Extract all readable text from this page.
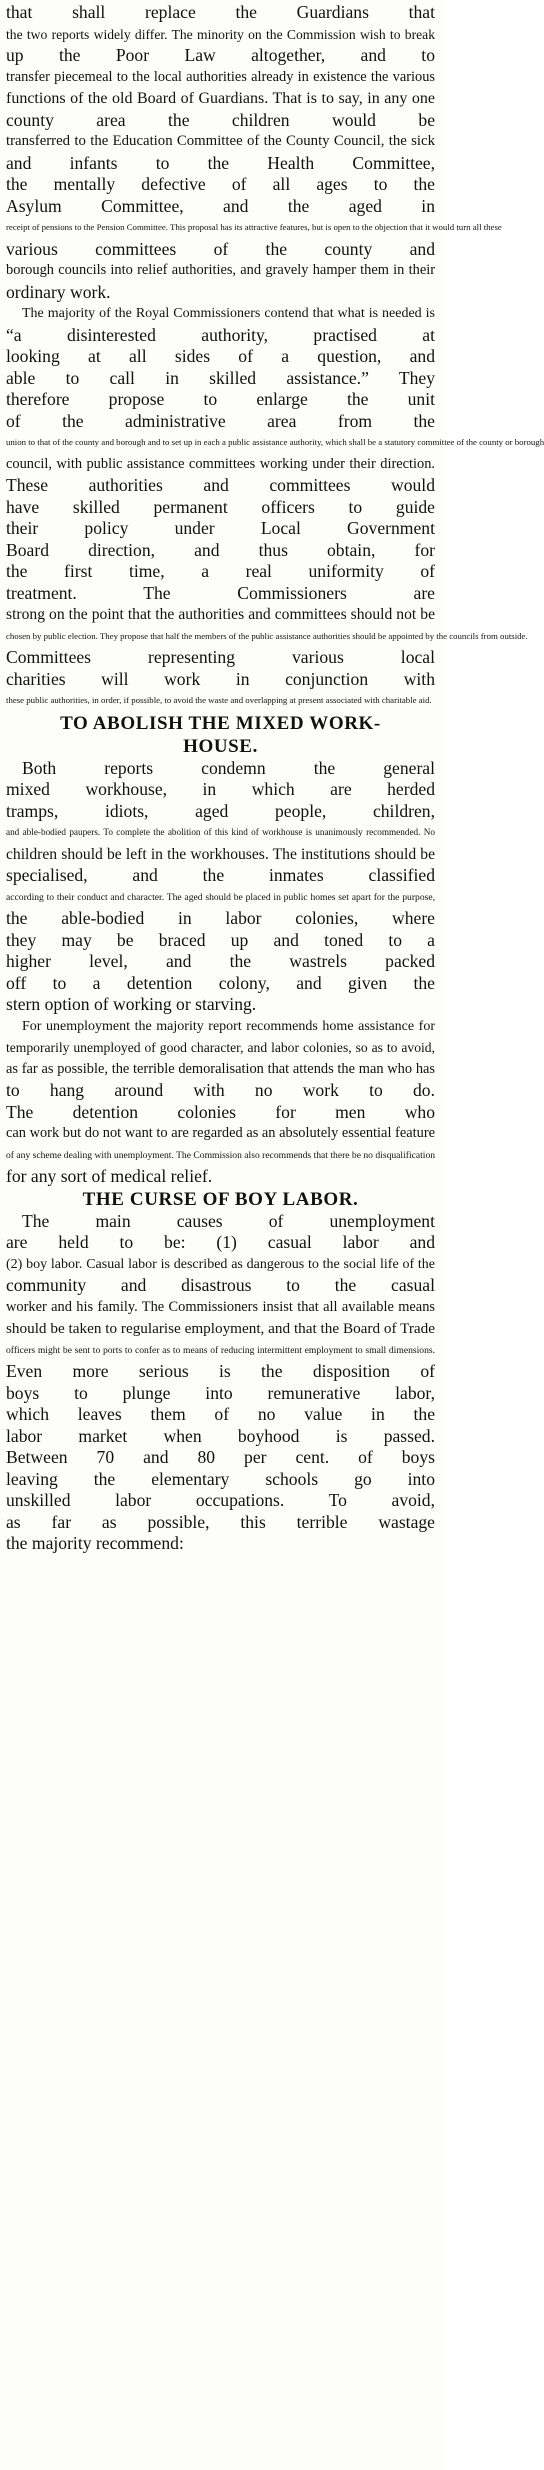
that shall replace the Guardians that
the two reports widely differ. The minority on the Commission wish to break
up the Poor Law altogether, and to
transfer piecemeal to the local authorities already in existence the various
functions of the old Board of Guardians. That is to say, in any one
county area the children would be
transferred to the Education Committee of the County Council, the sick
and infants to the Health Committee,
the mentally defective of all ages to the
Asylum Committee, and the aged in
receipt of pensions to the Pension Committee. This proposal has its attractive features, but is open to the objection that it would turn all these
various committees of the county and
borough councils into relief authorities, and gravely hamper them in their
ordinary work.
The majority of the Royal Commissioners contend that what is needed is
“a disinterested authority, practised at
looking at all sides of a question, and
able to call in skilled assistance.” They
therefore propose to enlarge the unit
of the administrative area from the
union to that of the county and borough and to set up in each a public assistance authority, which shall be a statutory committee of the county or borough
council, with public assistance committees working under their direction.
These authorities and committees would
have skilled permanent officers to guide
their policy under Local Government
Board direction, and thus obtain, for
the first time, a real uniformity of
treatment. The Commissioners are
strong on the point that the authorities and committees should not be
chosen by public election. They propose that half the members of the public assistance authorities should be appointed by the councils from outside.
Committees representing various local
charities will work in conjunction with
these public authorities, in order, if possible, to avoid the waste and overlapping at present associated with charitable aid.
TO ABOLISH THE MIXED WORK-
HOUSE.
Both reports condemn the general
mixed workhouse, in which are herded
tramps, idiots, aged people, children,
and able-bodied paupers. To complete the abolition of this kind of workhouse is unanimously recommended. No
children should be left in the workhouses. The institutions should be
specialised, and the inmates classified
according to their conduct and character. The aged should be placed in public homes set apart for the purpose,
the able-bodied in labor colonies, where
they may be braced up and toned to a
higher level, and the wastrels packed
off to a detention colony, and given the
stern option of working or starving.
For unemployment the majority report recommends home assistance for
temporarily unemployed of good character, and labor colonies, so as to avoid,
as far as possible, the terrible demoralisation that attends the man who has
to hang around with no work to do.
The detention colonies for men who
can work but do not want to are regarded as an absolutely essential feature
of any scheme dealing with unemployment. The Commission also recommends that there be no disqualification
for any sort of medical relief.
THE CURSE OF BOY LABOR.
The main causes of unemployment
are held to be: (1) casual labor and
(2) boy labor. Casual labor is described as dangerous to the social life of the
community and disastrous to the casual
worker and his family. The Commissioners insist that all available means
should be taken to regularise employment, and that the Board of Trade
officers might be sent to ports to confer as to means of reducing intermittent employment to small dimensions.
Even more serious is the disposition of
boys to plunge into remunerative labor,
which leaves them of no value in the
labor market when boyhood is passed.
Between 70 and 80 per cent. of boys
leaving the elementary schools go into
unskilled labor occupations. To avoid,
as far as possible, this terrible wastage
the majority recommend:
